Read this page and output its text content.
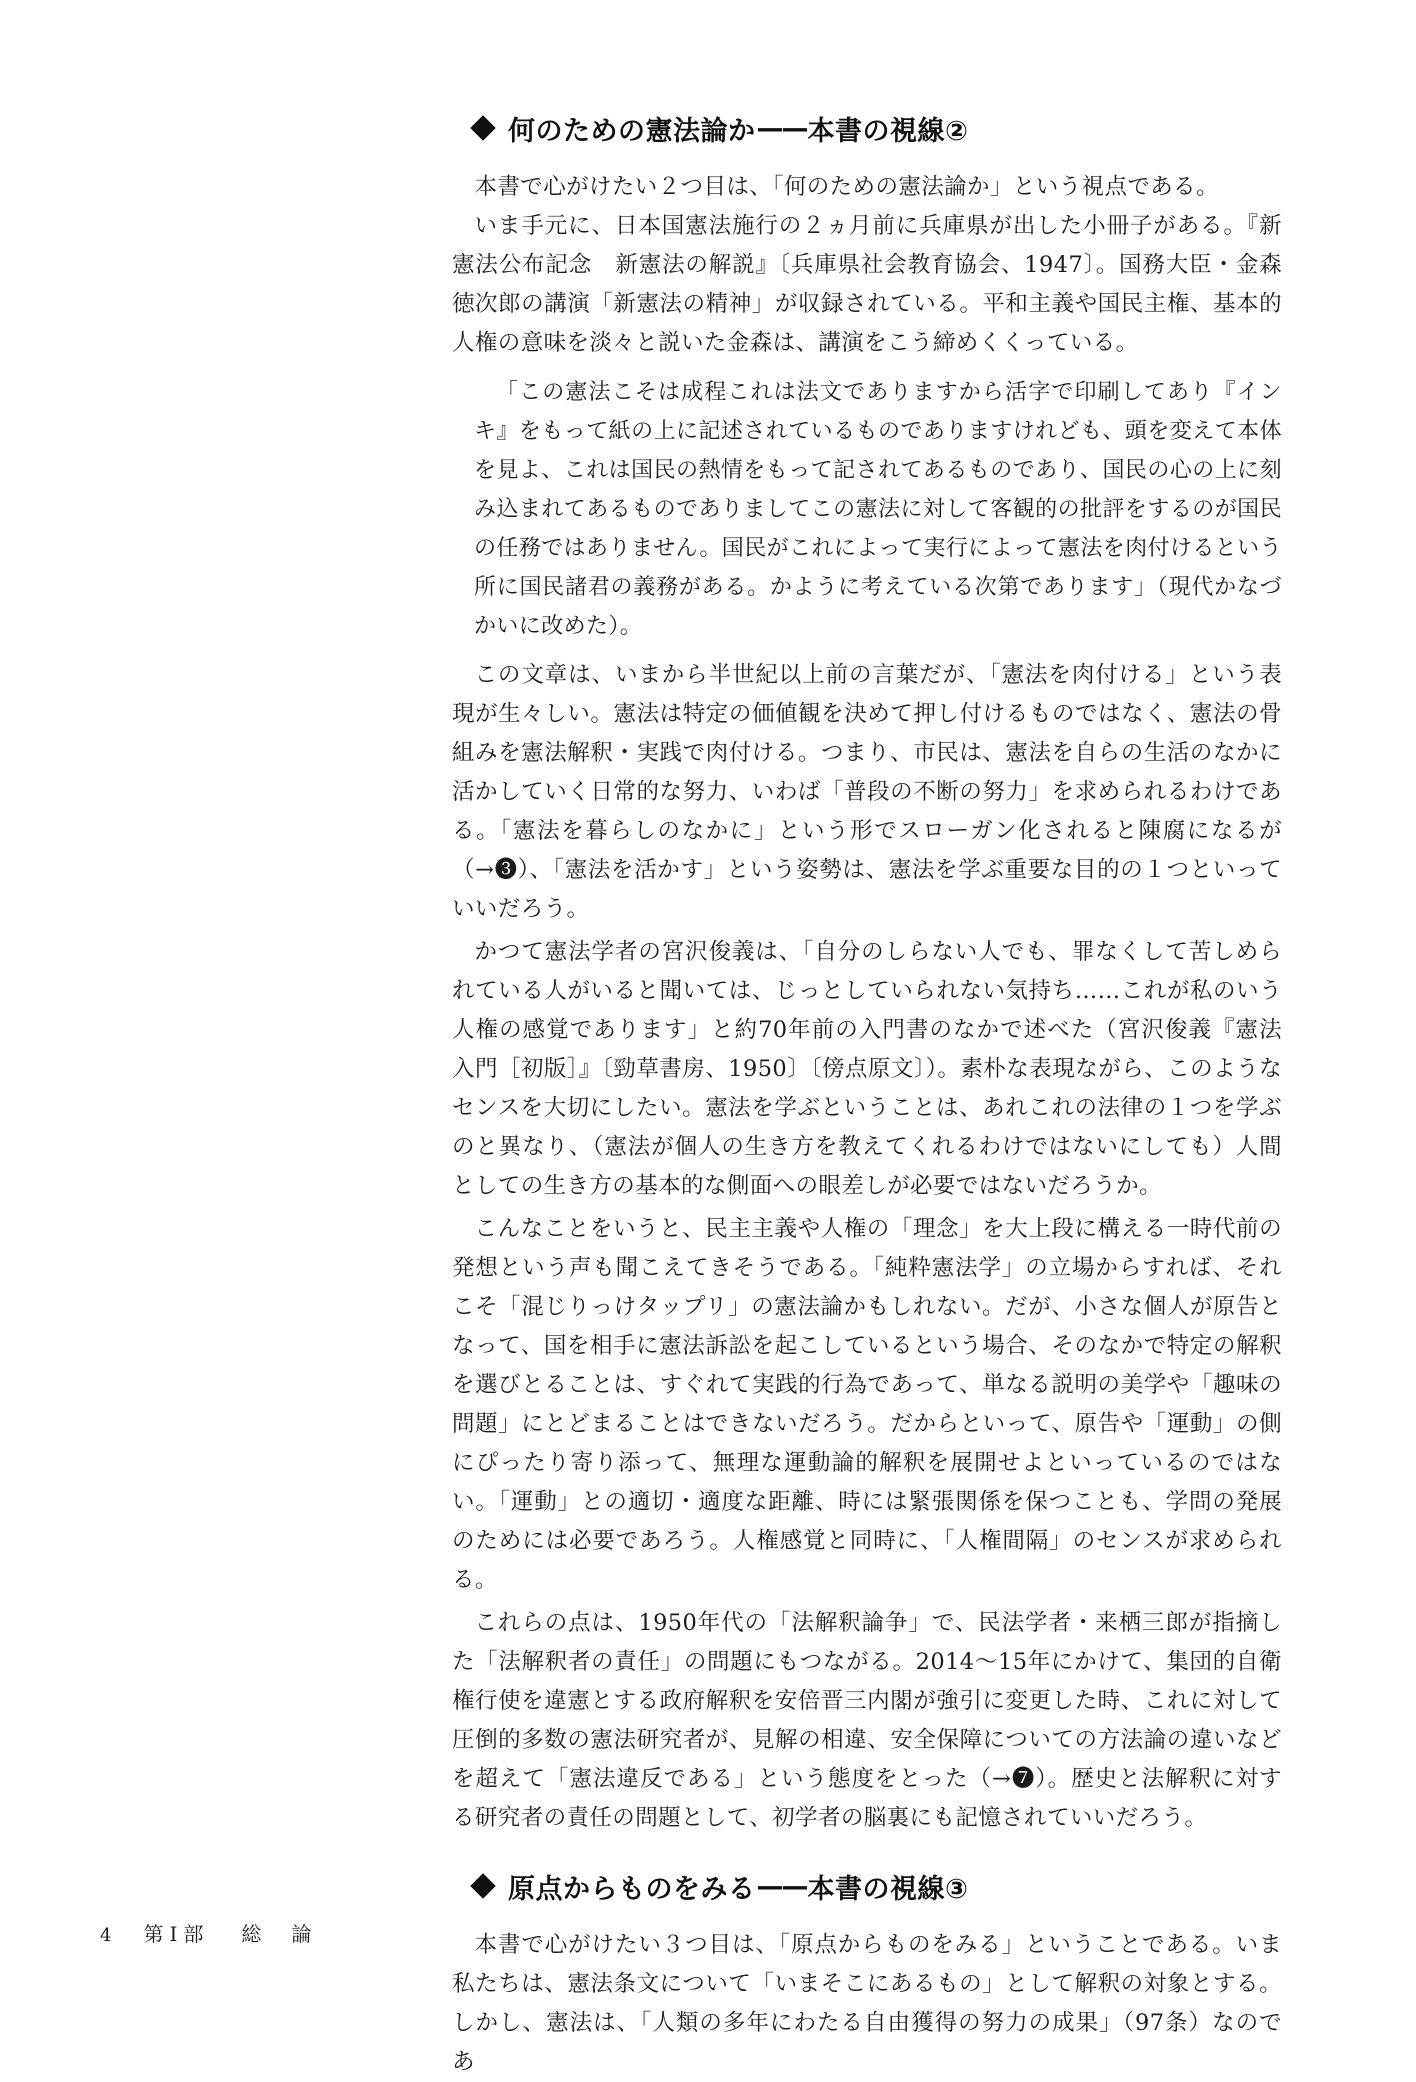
何のための憲法論か —— 本書の視線②

本書で心がけたい２つ目は、「何のための憲法論か」という視点である。

いま手元に、日本国憲法施行の２ヵ月前に兵庫県が出した小冊子がある。『新憲法公布記念　新憲法の解説』〔兵庫県社会教育協会、1947〕。国務大臣・金森徳次郎の講演「新憲法の精神」が収録されている。平和主義や国民主権、基本的人権の意味を淡々と説いた金森は、講演をこう締めくくっている。

「この憲法こそは成程これは法文でありますから活字で印刷してあり『インキ』をもって紙の上に記述されているものでありますけれども、頭を変えて本体を見よ、これは国民の熱情をもって記されてあるものであり、国民の心の上に刻み込まれてあるものでありましてこの憲法に対して客観的の批評をするのが国民の任務ではありません。国民がこれによって実行によって憲法を肉付けるという所に国民諸君の義務がある。かように考えている次第であります」（現代かなづかいに改めた）。

この文章は、いまから半世紀以上前の言葉だが、「憲法を肉付ける」という表現が生々しい。憲法は特定の価値観を決めて押し付けるものではなく、憲法の骨組みを憲法解釈・実践で肉付ける。つまり、市民は、憲法を自らの生活のなかに活かしていく日常的な努力、いわば「普段の不断の努力」を求められるわけである。「憲法を暮らしのなかに」という形でスローガン化されると陳腐になるが（→❸）、「憲法を活かす」という姿勢は、憲法を学ぶ重要な目的の１つといっていいだろう。

かつて憲法学者の宮沢俊義は、「自分のしらない人でも、罪なくして苦しめられている人がいると聞いては、じっとしていられない気持ち……これが私のいう人権の感覚であります」と約70年前の入門書のなかで述べた（宮沢俊義『憲法入門［初版］』〔勁草書房、1950〕〔傍点原文〕）。素朴な表現ながら、このようなセンスを大切にしたい。憲法を学ぶということは、あれこれの法律の１つを学ぶのと異なり、（憲法が個人の生き方を教えてくれるわけではないにしても）人間としての生き方の基本的な側面への眼差しが必要ではないだろうか。

こんなことをいうと、民主主義や人権の「理念」を大上段に構える一時代前の発想という声も聞こえてきそうである。「純粋憲法学」の立場からすれば、それこそ「混じりっけタップリ」の憲法論かもしれない。だが、小さな個人が原告となって、国を相手に憲法訴訟を起こしているという場合、そのなかで特定の解釈を選びとることは、すぐれて実践的行為であって、単なる説明の美学や「趣味の問題」にとどまることはできないだろう。だからといって、原告や「運動」の側にぴったり寄り添って、無理な運動論的解釈を展開せよといっているのではない。「運動」との適切・適度な距離、時には緊張関係を保つことも、学問の発展のためには必要であろう。人権感覚と同時に、「人権間隔」のセンスが求められる。

これらの点は、1950年代の「法解釈論争」で、民法学者・来栖三郎が指摘した「法解釈者の責任」の問題にもつながる。2014～15年にかけて、集団的自衛権行使を違憲とする政府解釈を安倍晋三内閣が強引に変更した時、これに対して圧倒的多数の憲法研究者が、見解の相違、安全保障についての方法論の違いなどを超えて「憲法違反である」という態度をとった（→❼）。歴史と法解釈に対する研究者の責任の問題として、初学者の脳裏にも記憶されていいだろう。

原点からものをみる —— 本書の視線③

本書で心がけたい３つ目は、「原点からものをみる」ということである。いま私たちは、憲法条文について「いまそこにあるもの」として解釈の対象とする。しかし、憲法は、「人類の多年にわたる自由獲得の努力の成果」（97条）なのであ

4 第Ⅰ部 総論
